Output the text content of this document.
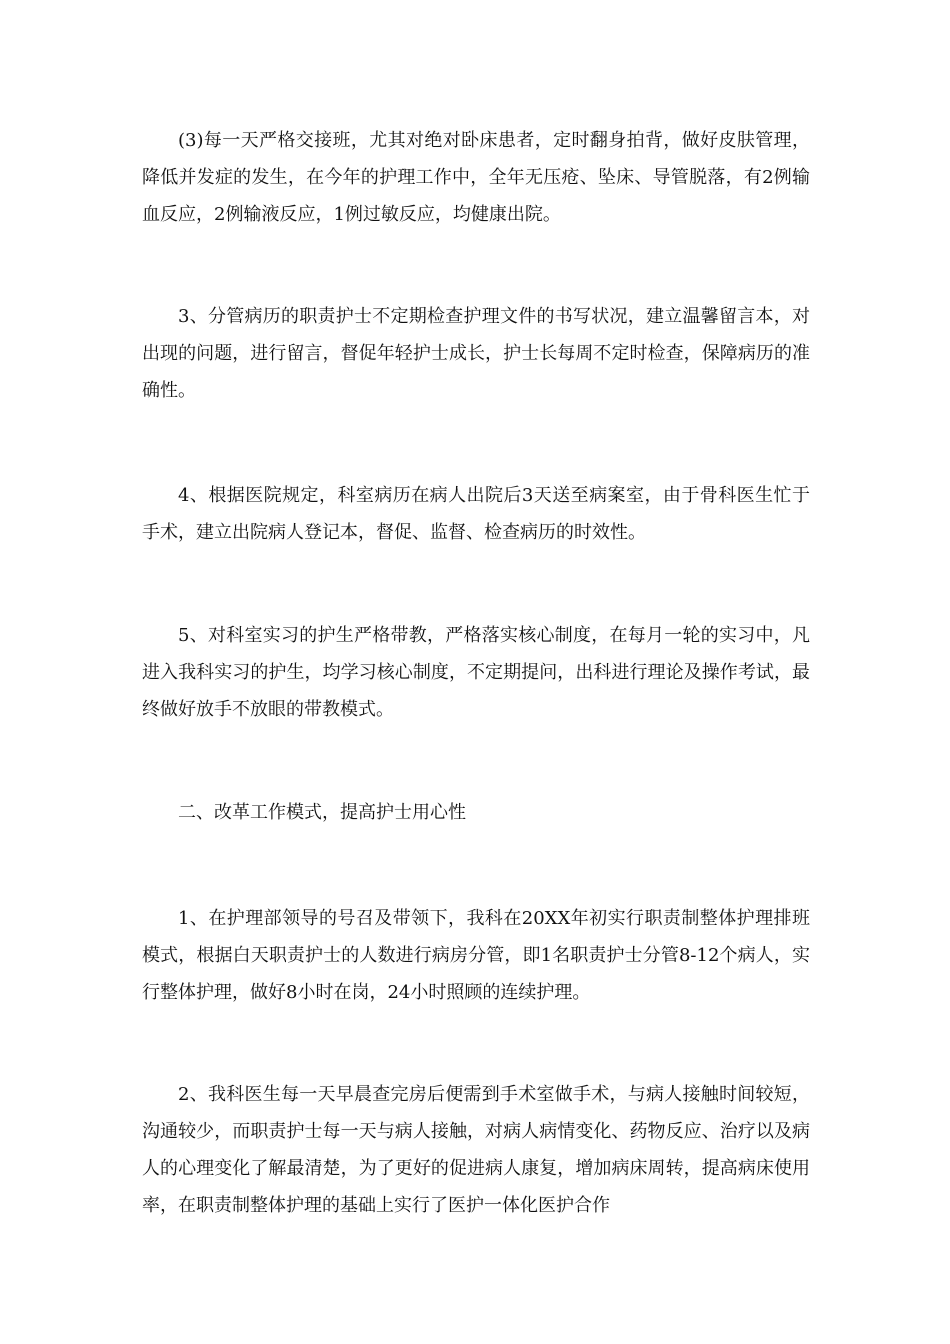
(3)每一天严格交接班，尤其对绝对卧床患者，定时翻身拍背，做好皮肤管理，降低并发症的发生，在今年的护理工作中，全年无压疮、坠床、导管脱落，有2例输血反应，2例输液反应，1例过敏反应，均健康出院。

3、分管病历的职责护士不定期检查护理文件的书写状况，建立温馨留言本，对出现的问题，进行留言，督促年轻护士成长，护士长每周不定时检查，保障病历的准确性。

4、根据医院规定，科室病历在病人出院后3天送至病案室，由于骨科医生忙于手术，建立出院病人登记本，督促、监督、检查病历的时效性。

5、对科室实习的护生严格带教，严格落实核心制度，在每月一轮的实习中，凡进入我科实习的护生，均学习核心制度，不定期提问，出科进行理论及操作考试，最终做好放手不放眼的带教模式。

二、改革工作模式，提高护士用心性

1、在护理部领导的号召及带领下，我科在20XX年初实行职责制整体护理排班模式，根据白天职责护士的人数进行病房分管，即1名职责护士分管8-12个病人，实行整体护理，做好8小时在岗，24小时照顾的连续护理。

2、我科医生每一天早晨查完房后便需到手术室做手术，与病人接触时间较短，沟通较少，而职责护士每一天与病人接触，对病人病情变化、药物反应、治疗以及病人的心理变化了解最清楚，为了更好的促进病人康复，增加病床周转，提高病床使用率，在职责制整体护理的基础上实行了医护一体化医护合作
